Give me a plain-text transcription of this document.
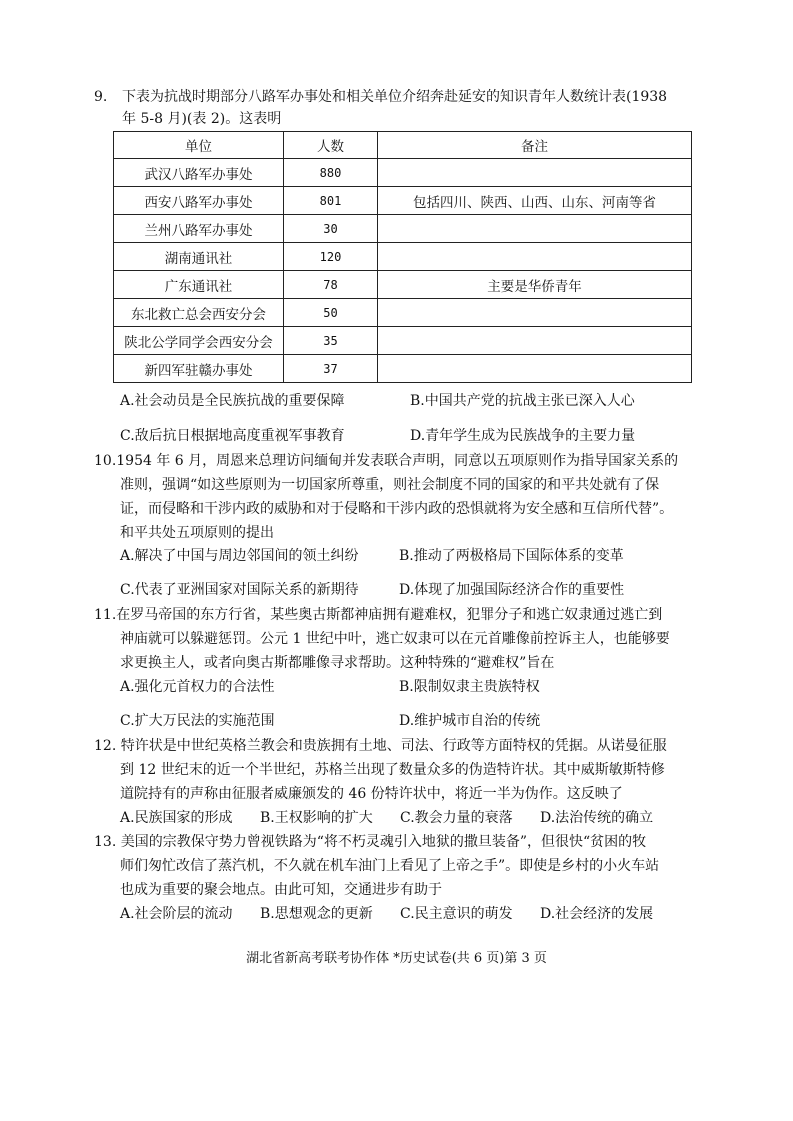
9. 下表为抗战时期部分八路军办事处和相关单位介绍奔赴延安的知识青年人数统计表(1938
年 5-8 月)(表 2)。这表明
单位	人数	备注
武汉八路军办事处	880	
西安八路军办事处	801	包括四川、陕西、山西、山东、河南等省
兰州八路军办事处	30	
湖南通讯社	120	
广东通讯社	78	主要是华侨青年
东北救亡总会西安分会	50	
陕北公学同学会西安分会	35	
新四军驻赣办事处	37	
A.社会动员是全民族抗战的重要保障	B.中国共产党的抗战主张已深入人心
C.敌后抗日根据地高度重视军事教育	D.青年学生成为民族战争的主要力量
10.1954 年 6 月，周恩来总理访问缅甸并发表联合声明，同意以五项原则作为指导国家关系的
准则，强调“如这些原则为一切国家所尊重，则社会制度不同的国家的和平共处就有了保
证，而侵略和干涉内政的威胁和对于侵略和干涉内政的恐惧就将为安全感和互信所代替”。
和平共处五项原则的提出
A.解决了中国与周边邻国间的领土纠纷	B.推动了两极格局下国际体系的变革
C.代表了亚洲国家对国际关系的新期待	D.体现了加强国际经济合作的重要性
11.在罗马帝国的东方行省，某些奥古斯都神庙拥有避难权，犯罪分子和逃亡奴隶通过逃亡到
神庙就可以躲避惩罚。公元 1 世纪中叶，逃亡奴隶可以在元首雕像前控诉主人，也能够要
求更换主人，或者向奥古斯都雕像寻求帮助。这种特殊的“避难权”旨在
A.强化元首权力的合法性	B.限制奴隶主贵族特权
C.扩大万民法的实施范围	D.维护城市自治的传统
12. 特许状是中世纪英格兰教会和贵族拥有土地、司法、行政等方面特权的凭据。从诺曼征服
到 12 世纪末的近一个半世纪，苏格兰出现了数量众多的伪造特许状。其中威斯敏斯特修
道院持有的声称由征服者威廉颁发的 46 份特许状中，将近一半为伪作。这反映了
A.民族国家的形成 B.王权影响的扩大 C.教会力量的衰落 D.法治传统的确立
13. 美国的宗教保守势力曾视铁路为“将不朽灵魂引入地狱的撒旦装备”，但很快“贫困的牧
师们匆忙改信了蒸汽机，不久就在机车油门上看见了上帝之手”。即使是乡村的小火车站
也成为重要的聚会地点。由此可知，交通进步有助于
A.社会阶层的流动 B.思想观念的更新 C.民主意识的萌发 D.社会经济的发展
湖北省新高考联考协作体 *历史试卷(共 6 页)第 3 页
